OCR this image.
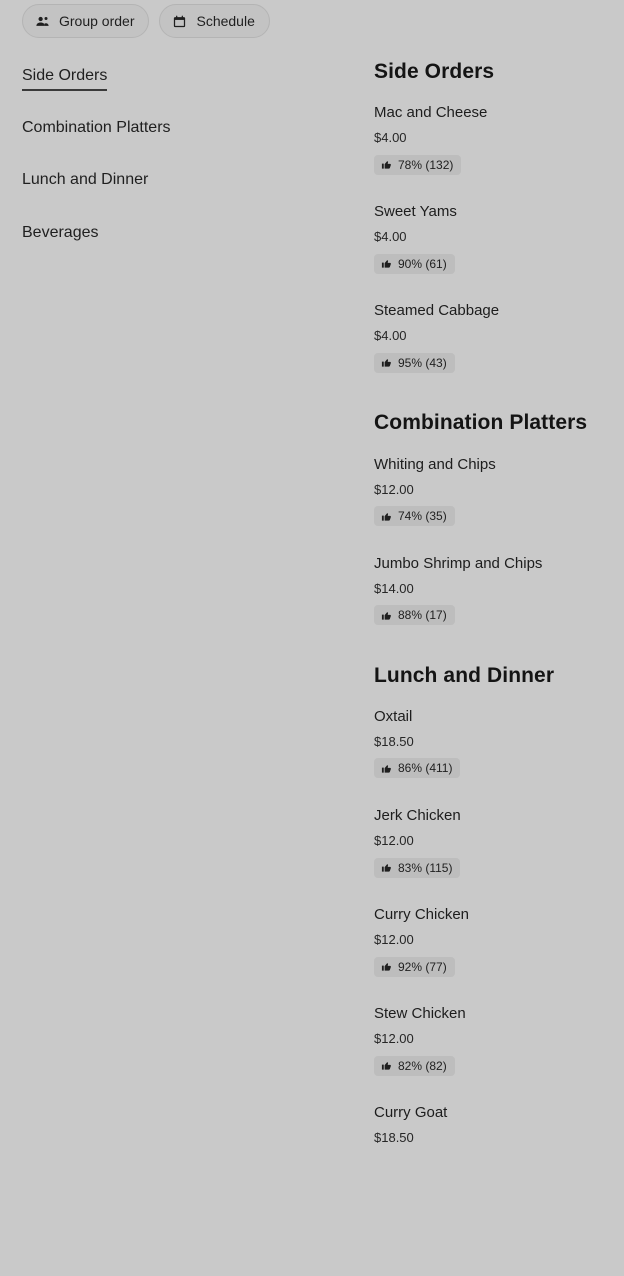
Group order	Schedule
Side Orders
Combination Platters
Lunch and Dinner
Beverages
Side Orders
Mac and Cheese
$4.00
78% (132)
Sweet Yams
$4.00
90% (61)
Steamed Cabbage
$4.00
95% (43)
Combination Platters
Whiting and Chips
$12.00
74% (35)
Jumbo Shrimp and Chips
$14.00
88% (17)
Lunch and Dinner
Oxtail
$18.50
86% (411)
Jerk Chicken
$12.00
83% (115)
Curry Chicken
$12.00
92% (77)
Stew Chicken
$12.00
82% (82)
Curry Goat
$18.50
